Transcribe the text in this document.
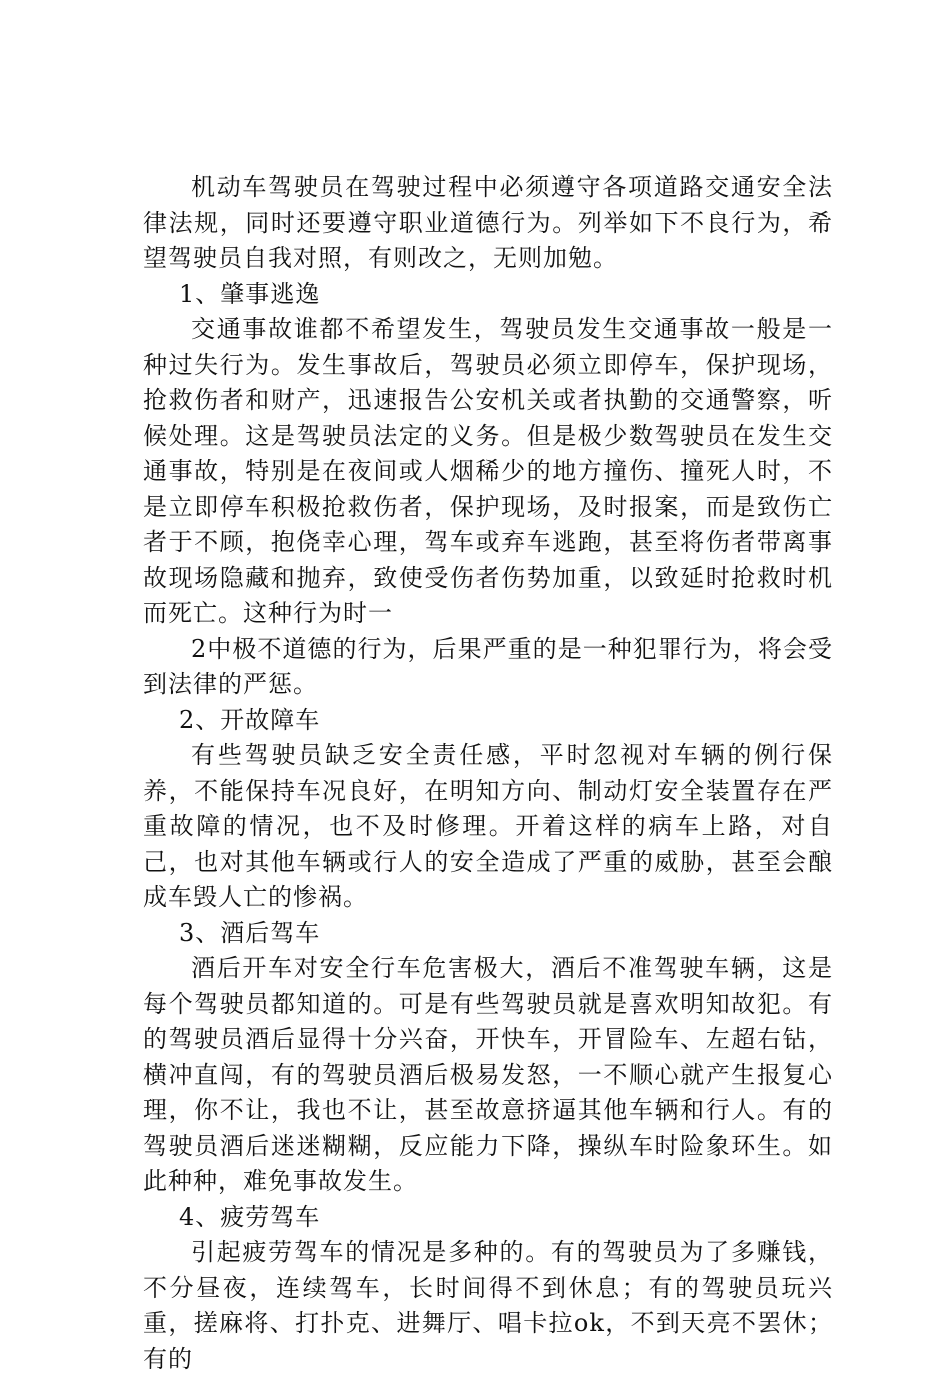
机动车驾驶员在驾驶过程中必须遵守各项道路交通安全法律法规，同时还要遵守职业道德行为。列举如下不良行为，希望驾驶员自我对照，有则改之，无则加勉。

1、肇事逃逸

交通事故谁都不希望发生，驾驶员发生交通事故一般是一种过失行为。发生事故后，驾驶员必须立即停车，保护现场，抢救伤者和财产，迅速报告公安机关或者执勤的交通警察，听候处理。这是驾驶员法定的义务。但是极少数驾驶员在发生交通事故，特别是在夜间或人烟稀少的地方撞伤、撞死人时，不是立即停车积极抢救伤者，保护现场，及时报案，而是致伤亡者于不顾，抱侥幸心理，驾车或弃车逃跑，甚至将伤者带离事故现场隐藏和抛弃，致使受伤者伤势加重，以致延时抢救时机而死亡。这种行为时一

2中极不道德的行为，后果严重的是一种犯罪行为，将会受到法律的严惩。

2、开故障车

有些驾驶员缺乏安全责任感，平时忽视对车辆的例行保养，不能保持车况良好，在明知方向、制动灯安全装置存在严重故障的情况，也不及时修理。开着这样的病车上路，对自己，也对其他车辆或行人的安全造成了严重的威胁，甚至会酿成车毁人亡的惨祸。

3、酒后驾车

酒后开车对安全行车危害极大，酒后不准驾驶车辆，这是每个驾驶员都知道的。可是有些驾驶员就是喜欢明知故犯。有的驾驶员酒后显得十分兴奋，开快车，开冒险车、左超右钻，横冲直闯，有的驾驶员酒后极易发怒，一不顺心就产生报复心理，你不让，我也不让，甚至故意挤逼其他车辆和行人。有的驾驶员酒后迷迷糊糊，反应能力下降，操纵车时险象环生。如此种种，难免事故发生。

4、疲劳驾车

引起疲劳驾车的情况是多种的。有的驾驶员为了多赚钱，不分昼夜，连续驾车，长时间得不到休息；有的驾驶员玩兴重，搓麻将、打扑克、进舞厅、唱卡拉ok，不到天亮不罢休；有的
